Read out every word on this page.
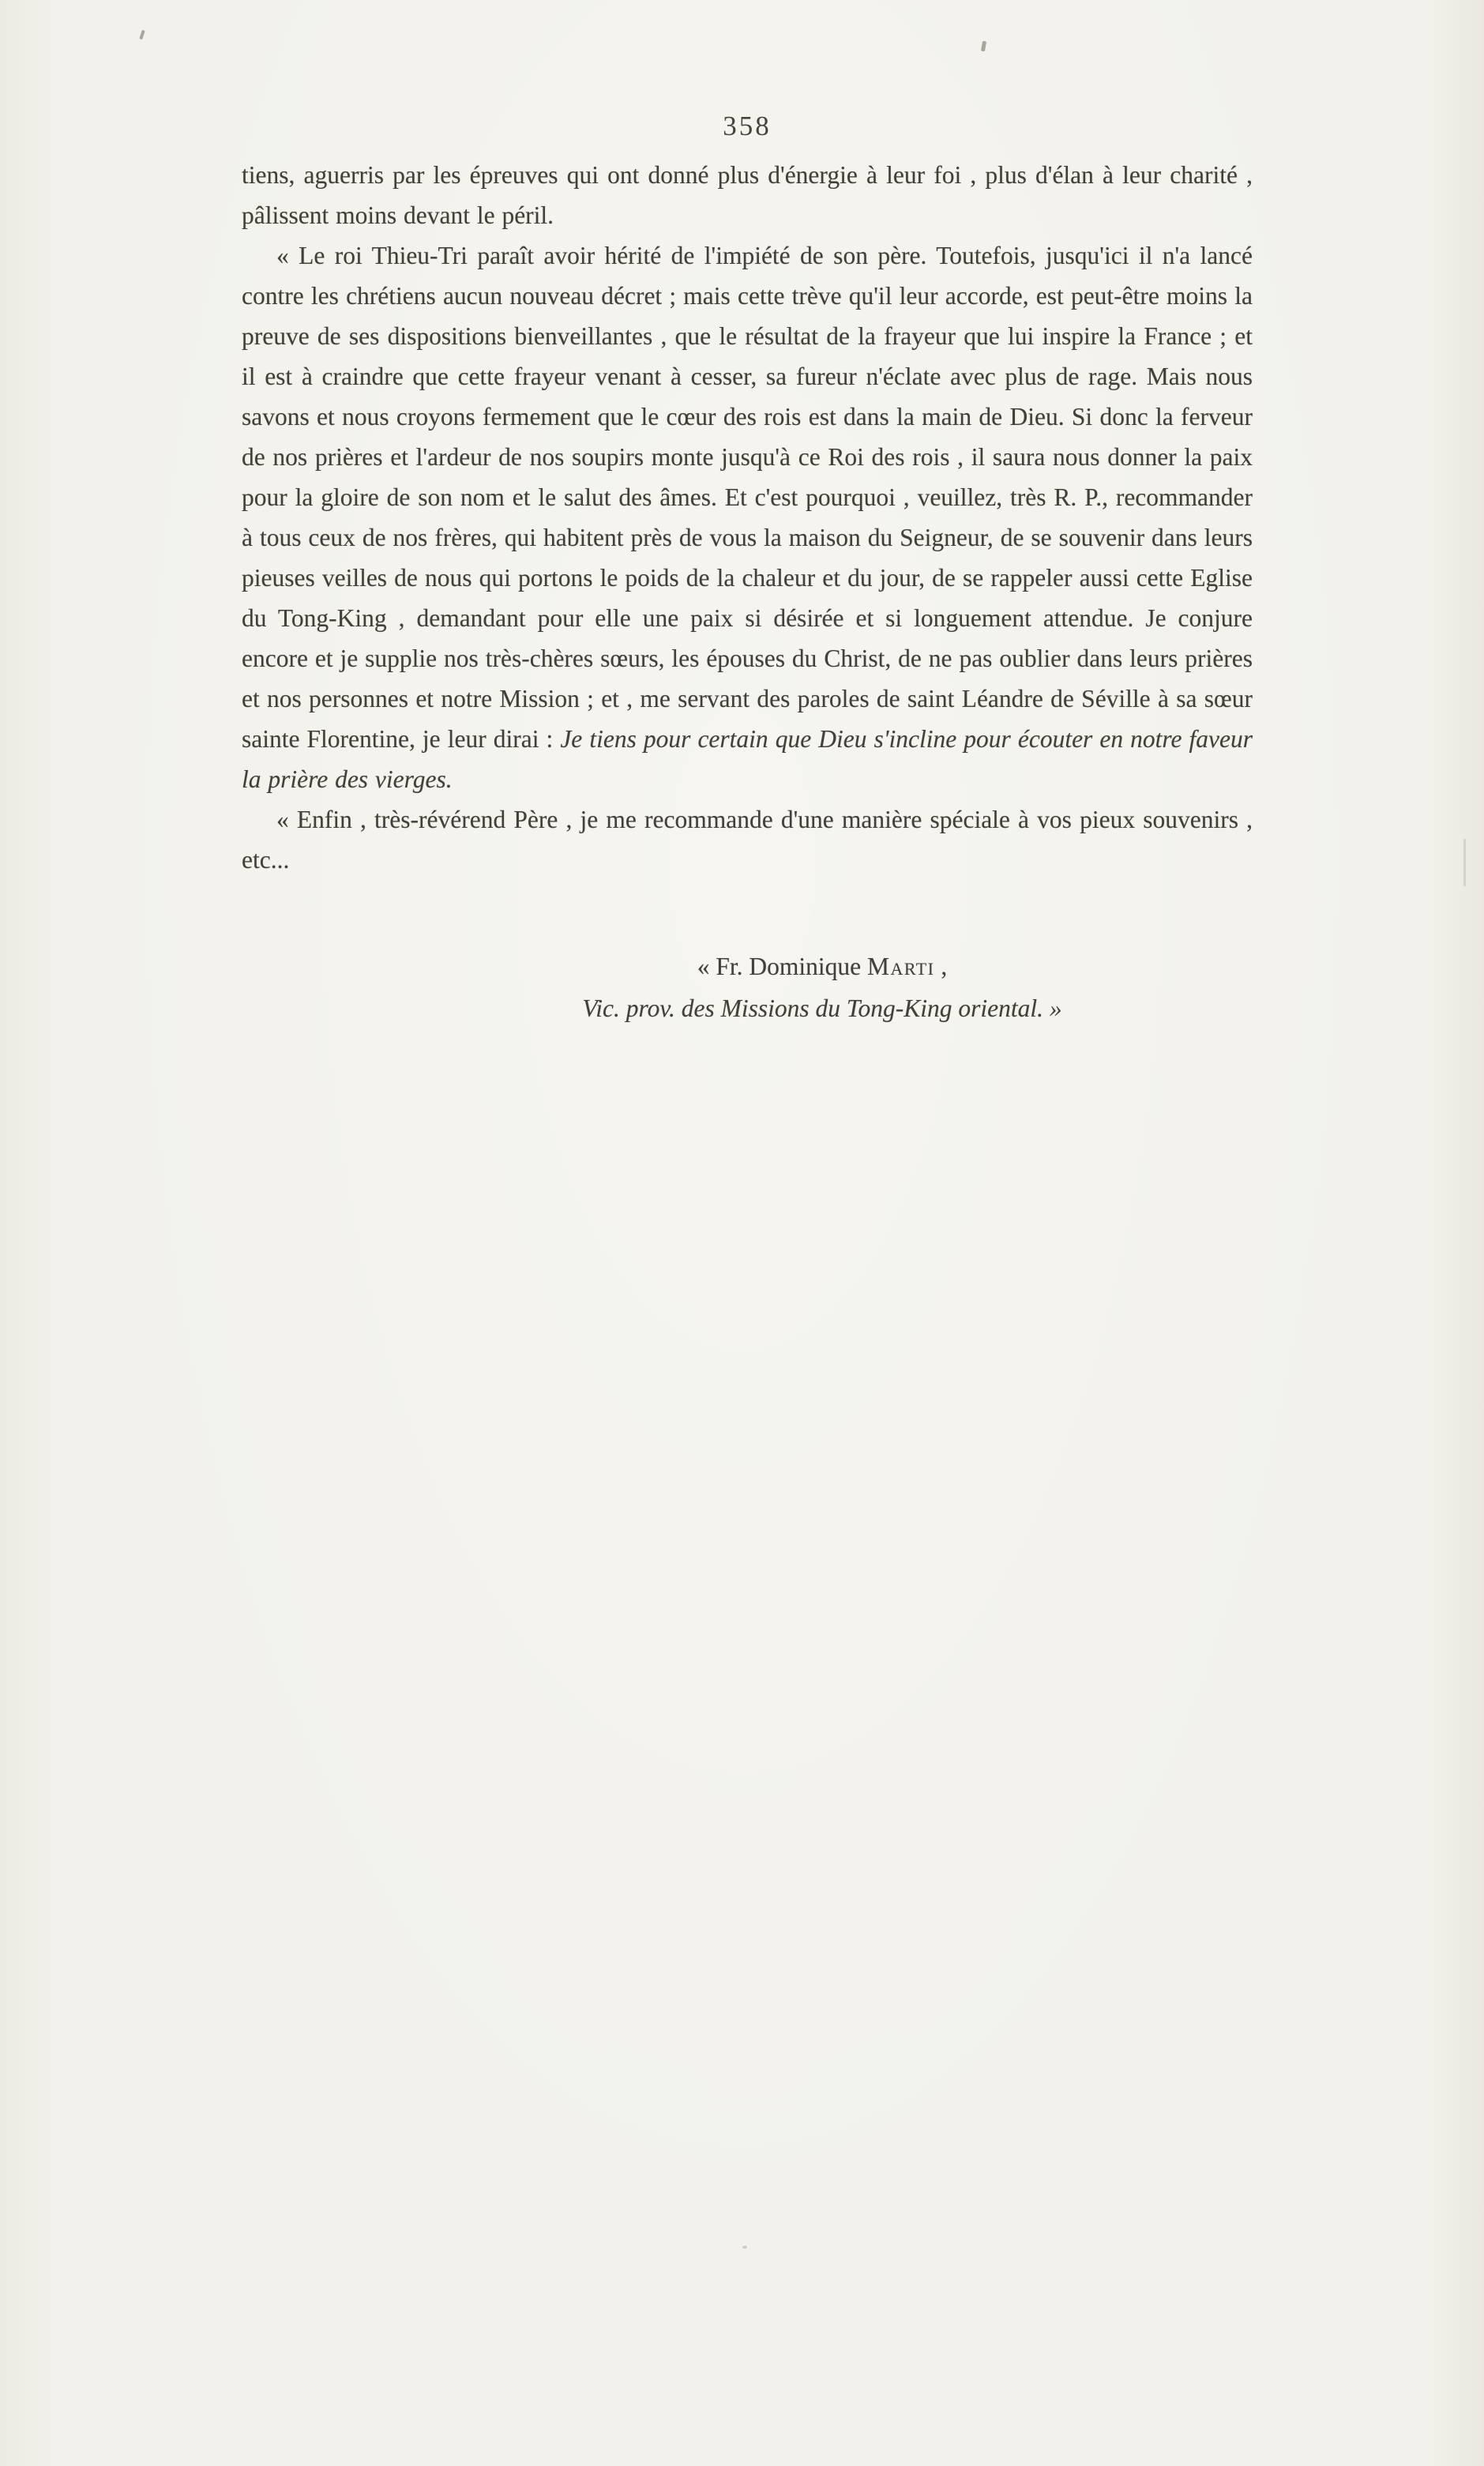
358

tiens, aguerris par les épreuves qui ont donné plus d'énergie à leur foi , plus d'élan à leur charité , pâlissent moins devant le péril.

« Le roi Thieu-Tri paraît avoir hérité de l'impiété de son père. Toutefois, jusqu'ici il n'a lancé contre les chrétiens aucun nouveau décret ; mais cette trève qu'il leur accorde, est peut-être moins la preuve de ses dispositions bienveillantes , que le résultat de la frayeur que lui inspire la France ; et il est à craindre que cette frayeur venant à cesser, sa fureur n'éclate avec plus de rage. Mais nous savons et nous croyons fermement que le cœur des rois est dans la main de Dieu. Si donc la ferveur de nos prières et l'ardeur de nos soupirs monte jusqu'à ce Roi des rois , il saura nous donner la paix pour la gloire de son nom et le salut des âmes. Et c'est pourquoi , veuillez, très R. P., recommander à tous ceux de nos frères, qui habitent près de vous la maison du Seigneur, de se souvenir dans leurs pieuses veilles de nous qui portons le poids de la chaleur et du jour, de se rappeler aussi cette Eglise du Tong-King , demandant pour elle une paix si désirée et si longuement attendue. Je conjure encore et je supplie nos très-chères sœurs, les épouses du Christ, de ne pas oublier dans leurs prières et nos personnes et notre Mission ; et , me servant des paroles de saint Léandre de Séville à sa sœur sainte Florentine, je leur dirai : Je tiens pour certain que Dieu s'incline pour écouter en notre faveur la prière des vierges.

« Enfin , très-révérend Père , je me recommande d'une manière spéciale à vos pieux souvenirs , etc...

« Fr. Dominique Marti ,
Vic. prov. des Missions du Tong-King oriental. »
